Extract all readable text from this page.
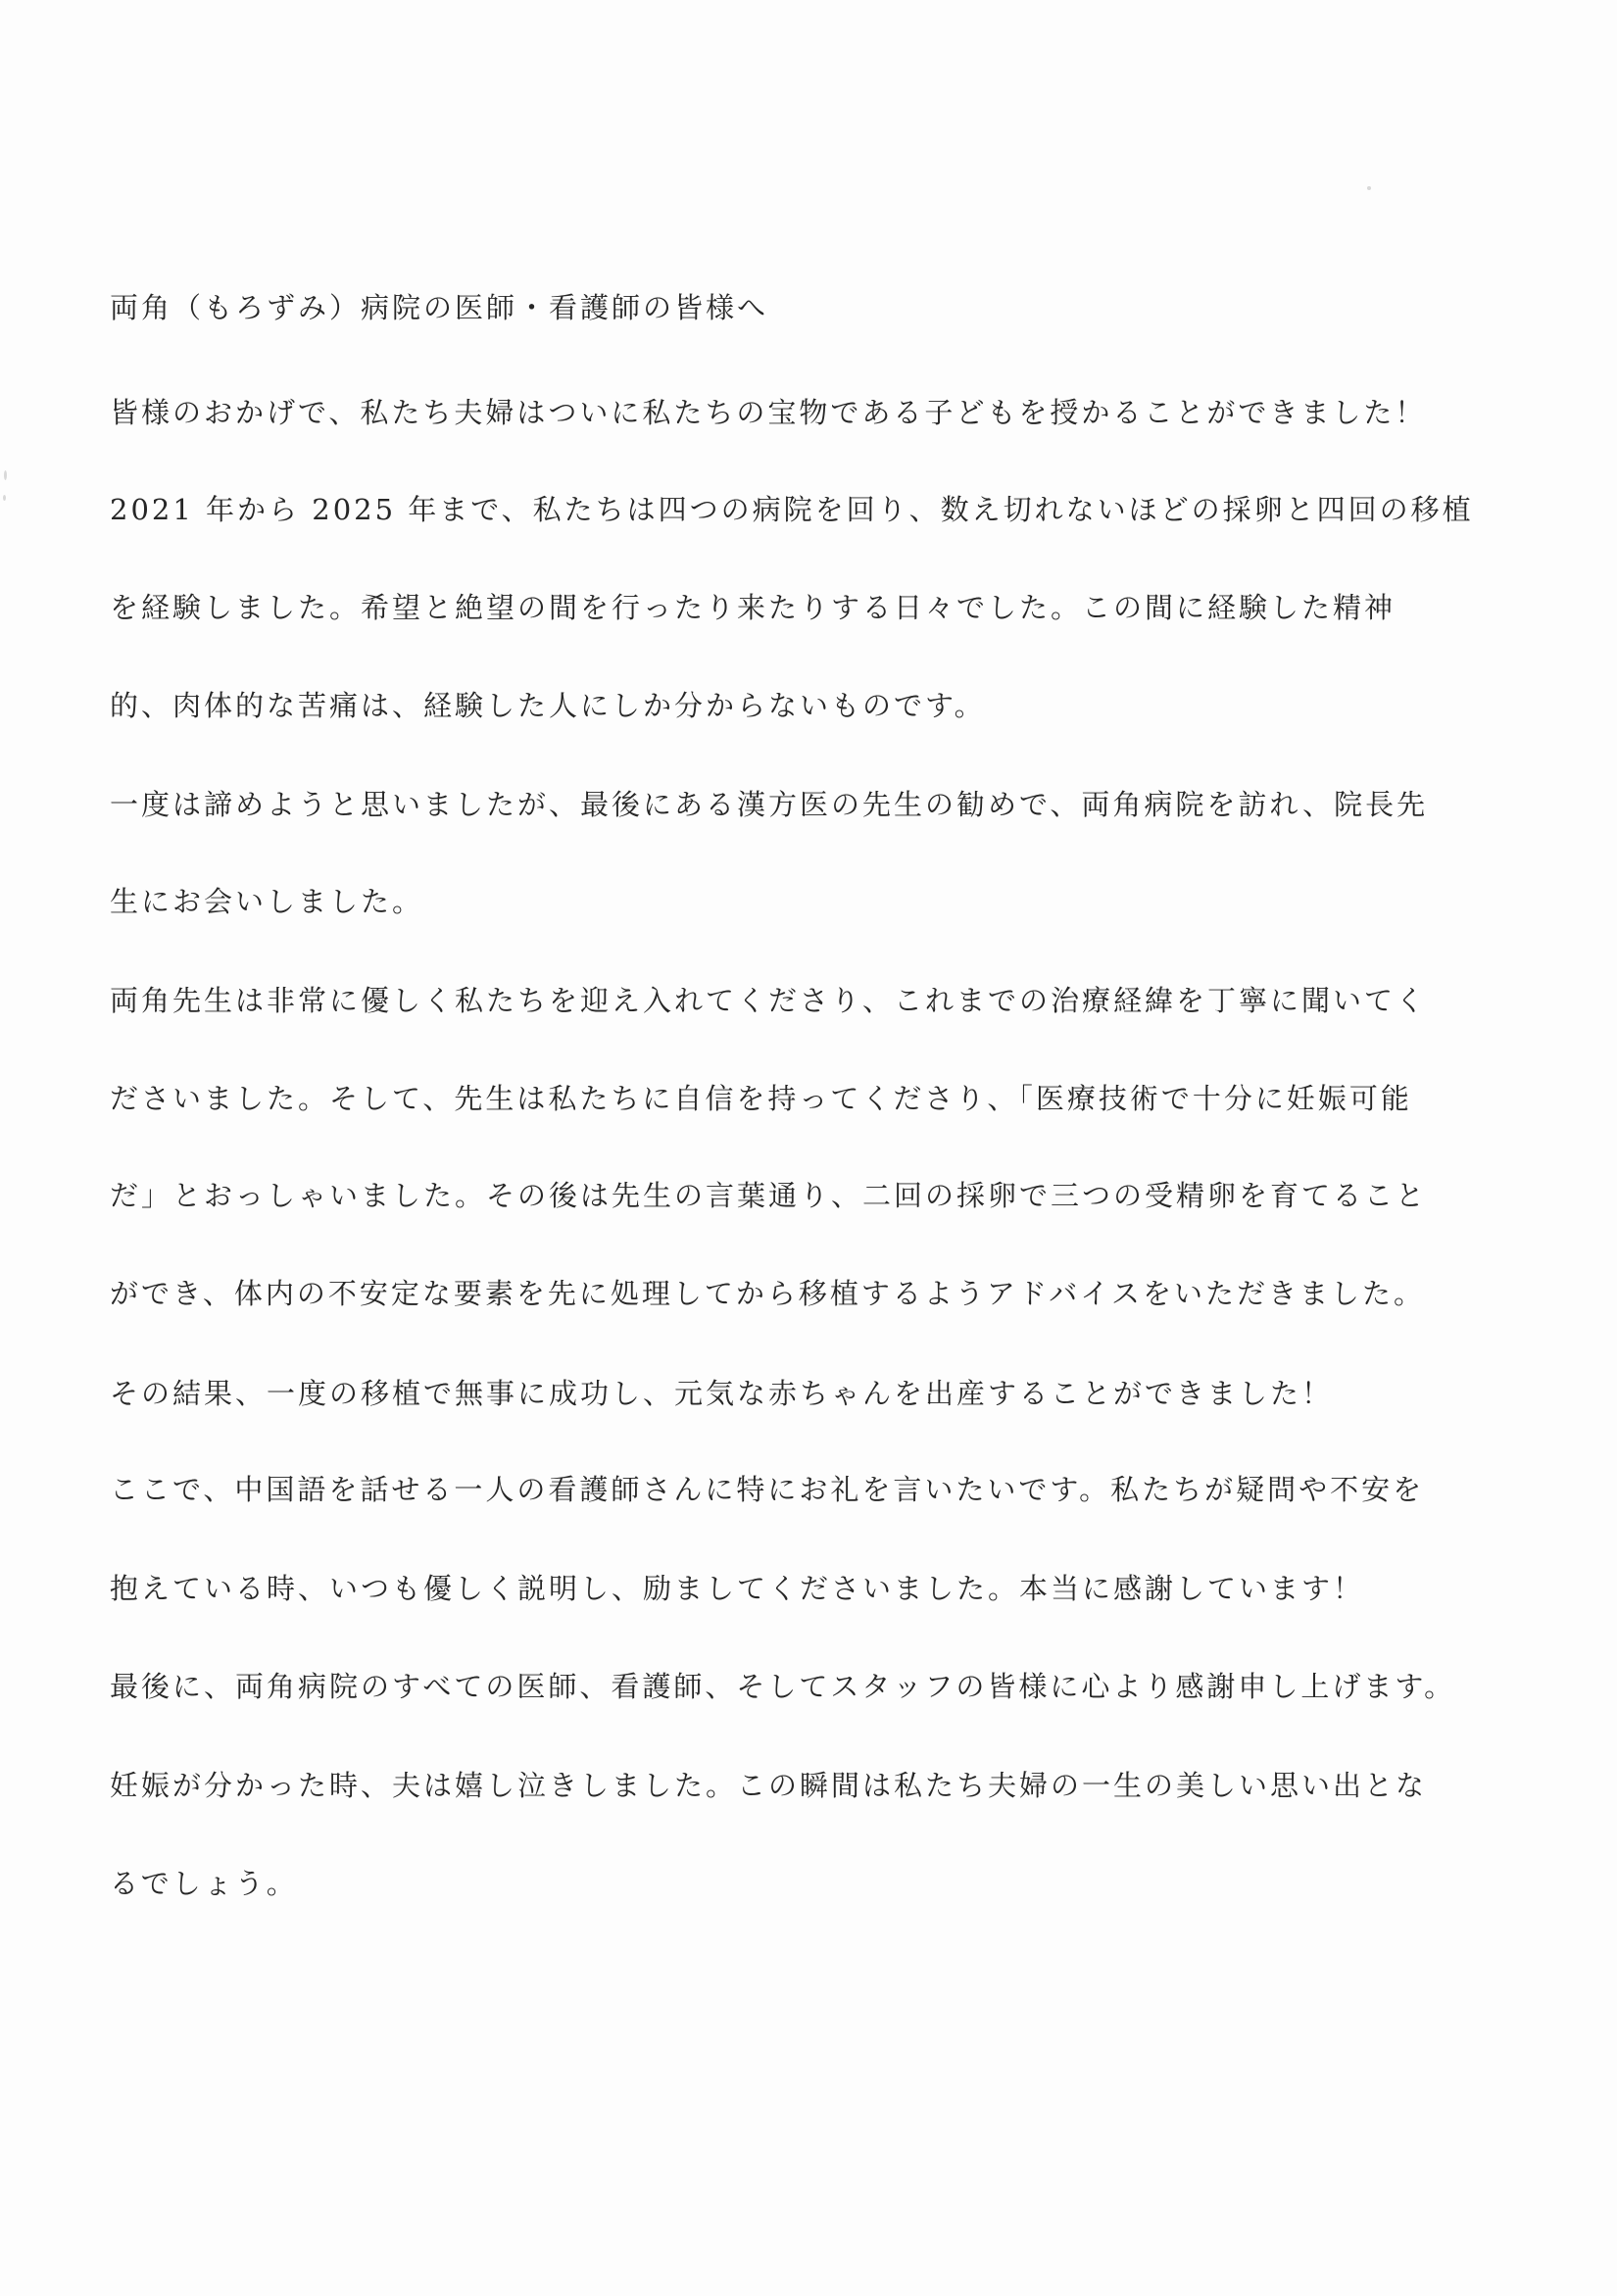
両角（もろずみ）病院の医師・看護師の皆様へ
皆様のおかげで、私たち夫婦はついに私たちの宝物である子どもを授かることができました！
2021 年から 2025 年まで、私たちは四つの病院を回り、数え切れないほどの採卵と四回の移植
を経験しました。希望と絶望の間を行ったり来たりする日々でした。この間に経験した精神
的、肉体的な苦痛は、経験した人にしか分からないものです。
一度は諦めようと思いましたが、最後にある漢方医の先生の勧めで、両角病院を訪れ、院長先
生にお会いしました。
両角先生は非常に優しく私たちを迎え入れてくださり、これまでの治療経緯を丁寧に聞いてく
ださいました。そして、先生は私たちに自信を持ってくださり、「医療技術で十分に妊娠可能
だ」とおっしゃいました。その後は先生の言葉通り、二回の採卵で三つの受精卵を育てること
ができ、体内の不安定な要素を先に処理してから移植するようアドバイスをいただきました。
その結果、一度の移植で無事に成功し、元気な赤ちゃんを出産することができました！
ここで、中国語を話せる一人の看護師さんに特にお礼を言いたいです。私たちが疑問や不安を
抱えている時、いつも優しく説明し、励ましてくださいました。本当に感謝しています！
最後に、両角病院のすべての医師、看護師、そしてスタッフの皆様に心より感謝申し上げます。
妊娠が分かった時、夫は嬉し泣きしました。この瞬間は私たち夫婦の一生の美しい思い出とな
るでしょう。
